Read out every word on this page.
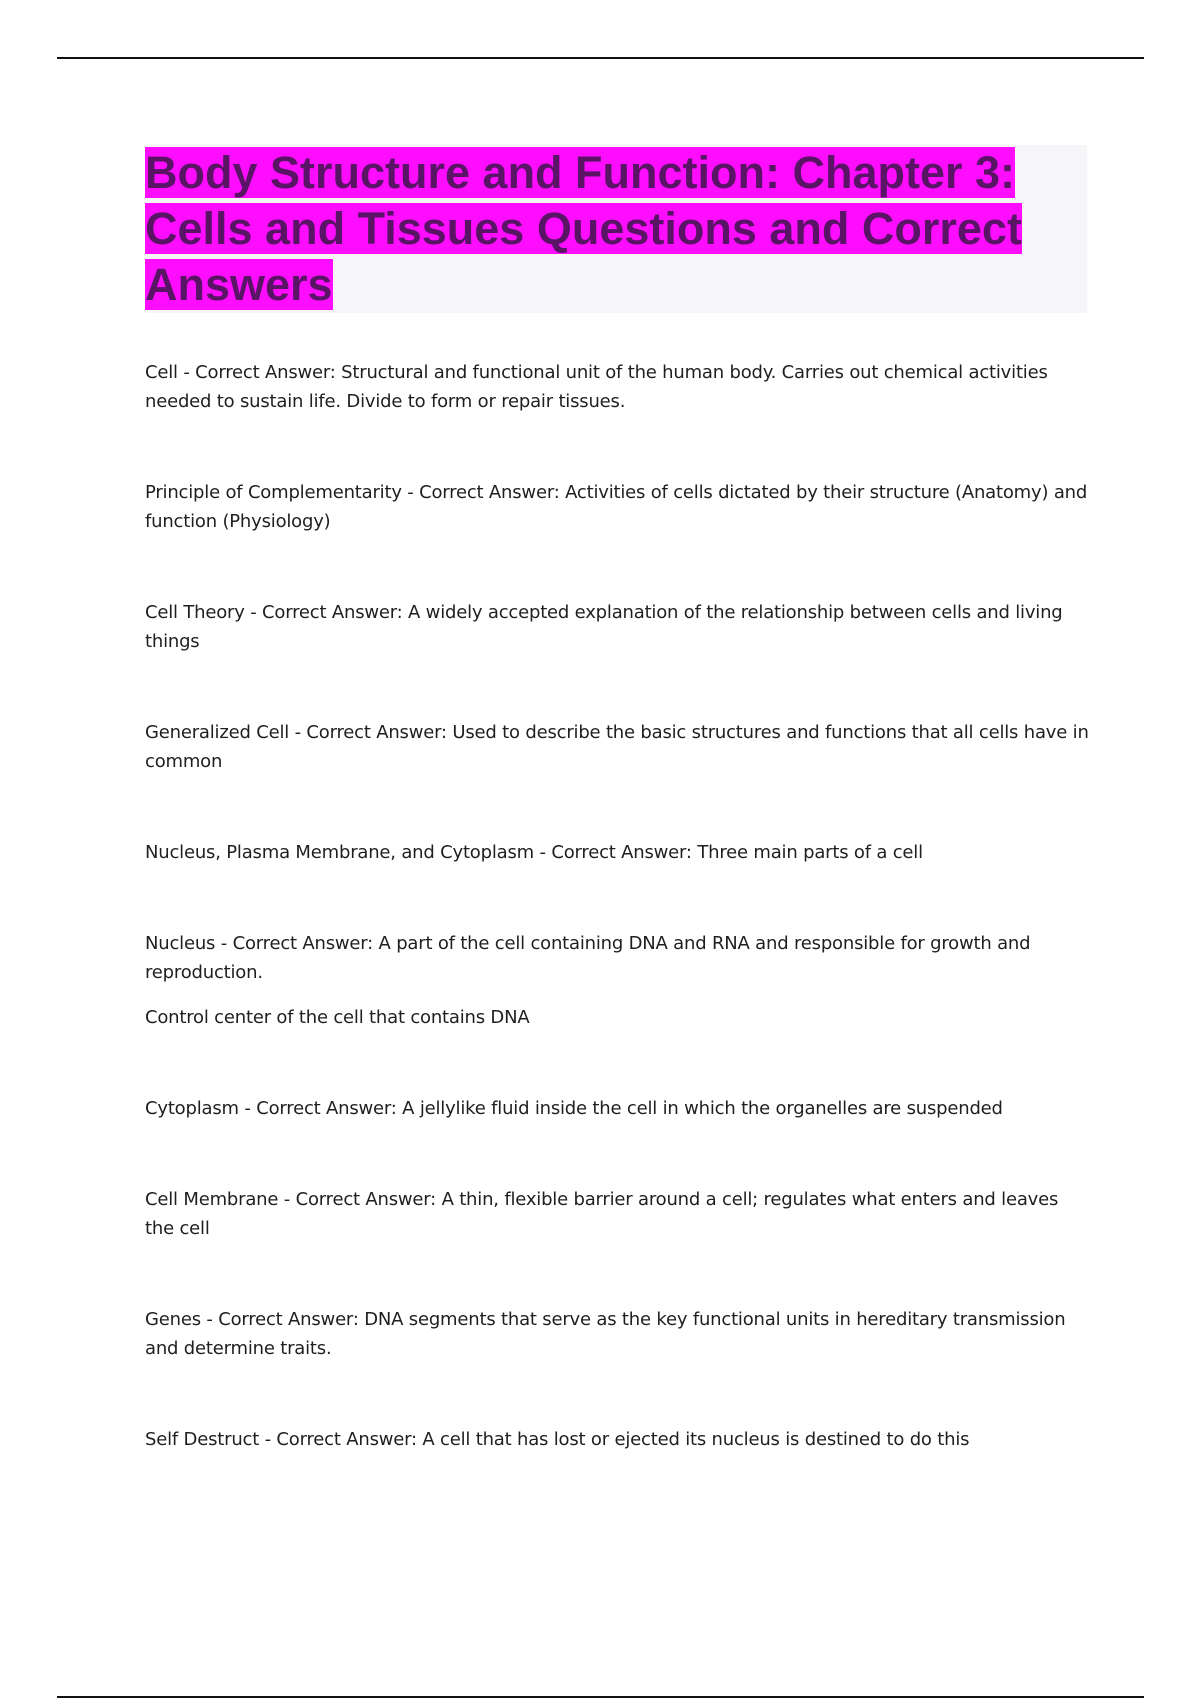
Body Structure and Function: Chapter 3: Cells and Tissues Questions and Correct Answers

Cell - Correct Answer: Structural and functional unit of the human body. Carries out chemical activities needed to sustain life. Divide to form or repair tissues.

Principle of Complementarity - Correct Answer: Activities of cells dictated by their structure (Anatomy) and function (Physiology)

Cell Theory - Correct Answer: A widely accepted explanation of the relationship between cells and living things

Generalized Cell - Correct Answer: Used to describe the basic structures and functions that all cells have in common

Nucleus, Plasma Membrane, and Cytoplasm - Correct Answer: Three main parts of a cell

Nucleus - Correct Answer: A part of the cell containing DNA and RNA and responsible for growth and reproduction.
Control center of the cell that contains DNA

Cytoplasm - Correct Answer: A jellylike fluid inside the cell in which the organelles are suspended

Cell Membrane - Correct Answer: A thin, flexible barrier around a cell; regulates what enters and leaves the cell

Genes - Correct Answer: DNA segments that serve as the key functional units in hereditary transmission and determine traits.

Self Destruct - Correct Answer: A cell that has lost or ejected its nucleus is destined to do this
